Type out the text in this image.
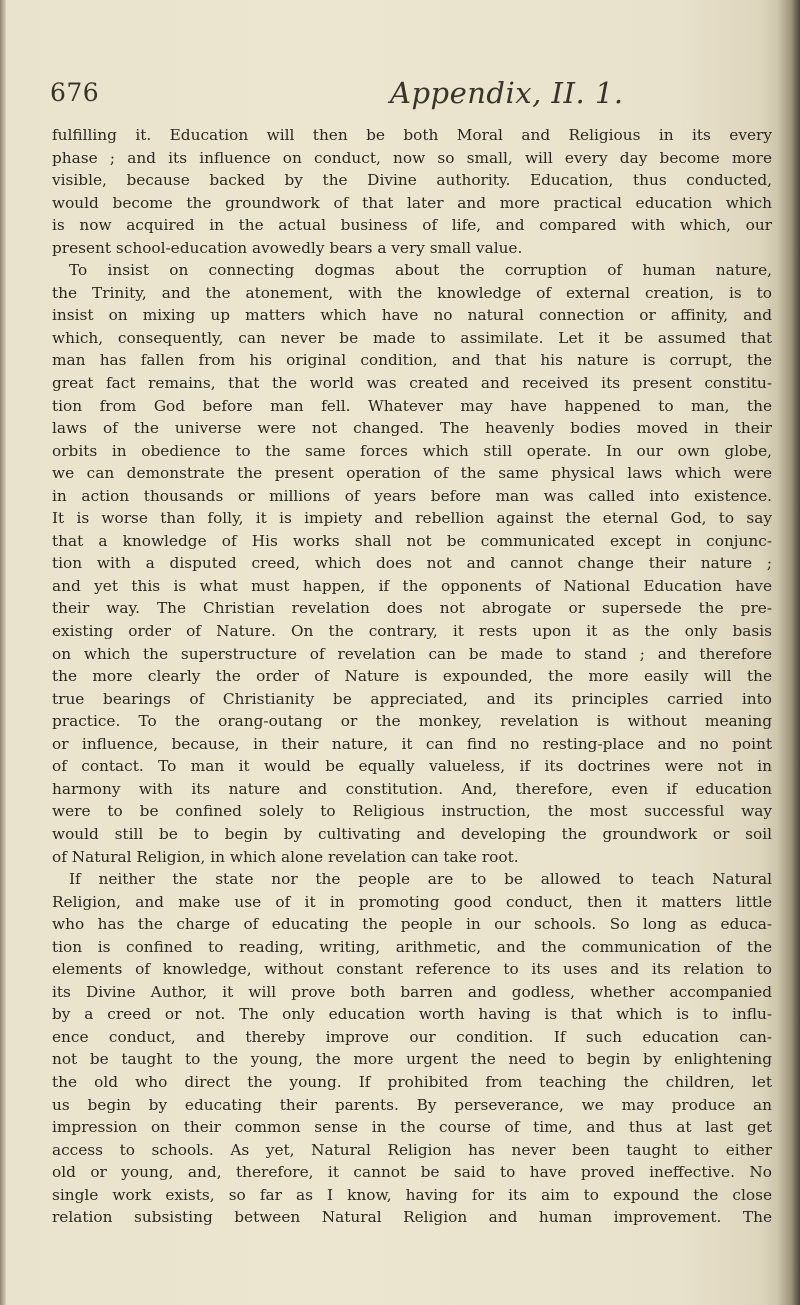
676	Appendix, II. 1.
fulfilling it. Education will then be both Moral and Religious in its every
phase ; and its influence on conduct, now so small, will every day become more
visible, because backed by the Divine authority. Education, thus conducted,
would become the groundwork of that later and more practical education which
is now acquired in the actual business of life, and compared with which, our
present school-education avowedly bears a very small value.
To insist on connecting dogmas about the corruption of human nature,
the Trinity, and the atonement, with the knowledge of external creation, is to
insist on mixing up matters which have no natural connection or affinity, and
which, consequently, can never be made to assimilate. Let it be assumed that
man has fallen from his original condition, and that his nature is corrupt, the
great fact remains, that the world was created and received its present constitu-
tion from God before man fell. Whatever may have happened to man, the
laws of the universe were not changed. The heavenly bodies moved in their
orbits in obedience to the same forces which still operate. In our own globe,
we can demonstrate the present operation of the same physical laws which were
in action thousands or millions of years before man was called into existence.
It is worse than folly, it is impiety and rebellion against the eternal God, to say
that a knowledge of His works shall not be communicated except in conjunc-
tion with a disputed creed, which does not and cannot change their nature ;
and yet this is what must happen, if the opponents of National Education have
their way. The Christian revelation does not abrogate or supersede the pre-
existing order of Nature. On the contrary, it rests upon it as the only basis
on which the superstructure of revelation can be made to stand ; and therefore
the more clearly the order of Nature is expounded, the more easily will the
true bearings of Christianity be appreciated, and its principles carried into
practice. To the orang-outang or the monkey, revelation is without meaning
or influence, because, in their nature, it can find no resting-place and no point
of contact. To man it would be equally valueless, if its doctrines were not in
harmony with its nature and constitution. And, therefore, even if education
were to be confined solely to Religious instruction, the most successful way
would still be to begin by cultivating and developing the groundwork or soil
of Natural Religion, in which alone revelation can take root.
If neither the state nor the people are to be allowed to teach Natural
Religion, and make use of it in promoting good conduct, then it matters little
who has the charge of educating the people in our schools. So long as educa-
tion is confined to reading, writing, arithmetic, and the communication of the
elements of knowledge, without constant reference to its uses and its relation to
its Divine Author, it will prove both barren and godless, whether accompanied
by a creed or not. The only education worth having is that which is to influ-
ence conduct, and thereby improve our condition. If such education can-
not be taught to the young, the more urgent the need to begin by enlightening
the old who direct the young. If prohibited from teaching the children, let
us begin by educating their parents. By perseverance, we may produce an
impression on their common sense in the course of time, and thus at last get
access to schools. As yet, Natural Religion has never been taught to either
old or young, and, therefore, it cannot be said to have proved ineffective. No
single work exists, so far as I know, having for its aim to expound the close
relation subsisting between Natural Religion and human improvement. The
